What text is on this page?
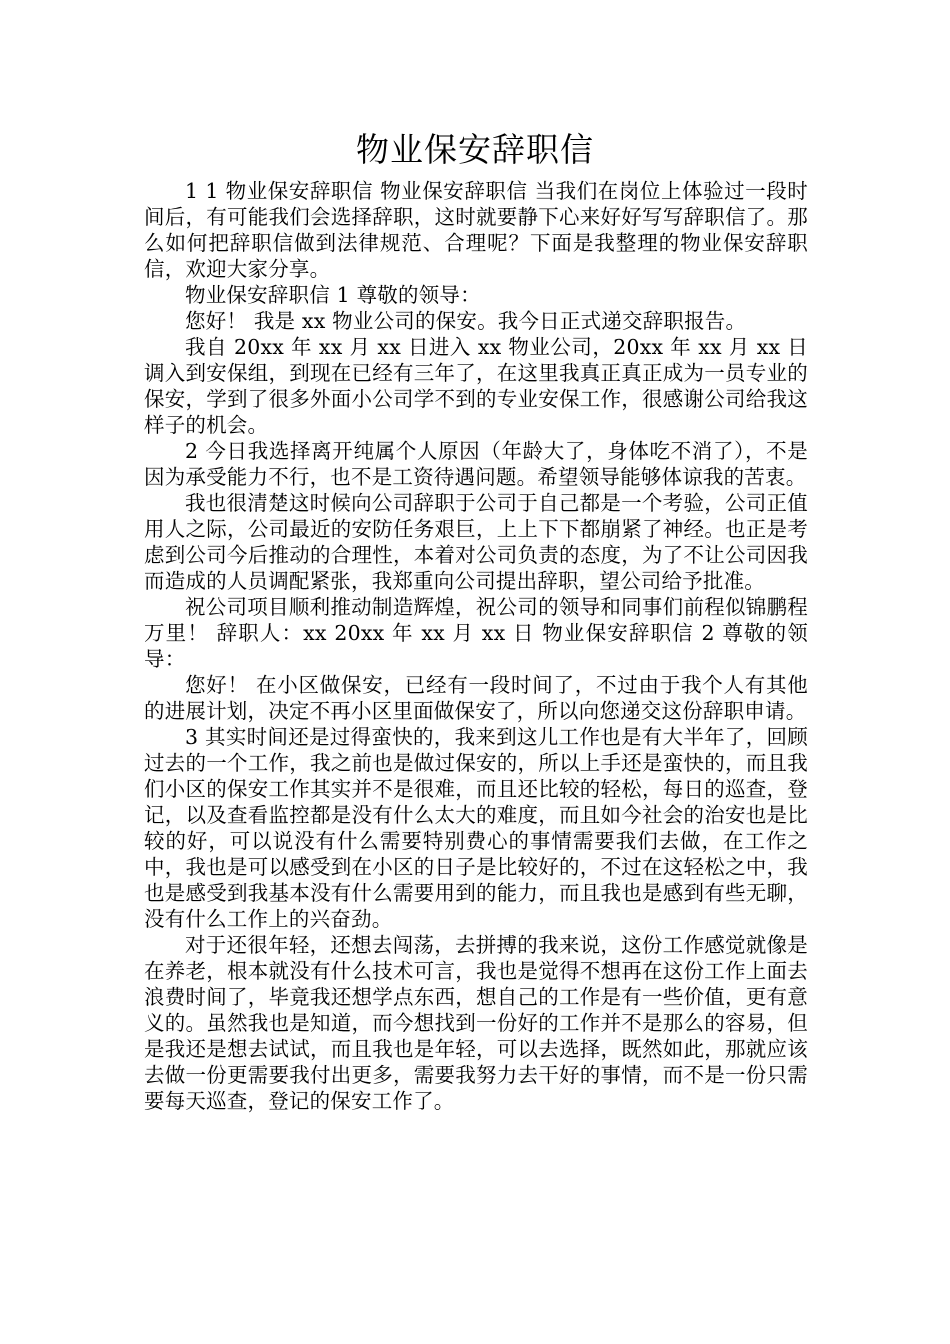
物业保安辞职信

1 1 物业保安辞职信 物业保安辞职信 当我们在岗位上体验过一段时间后，有可能我们会选择辞职，这时就要静下心来好好写写辞职信了。那么如何把辞职信做到法律规范、合理呢？下面是我整理的物业保安辞职信，欢迎大家分享。

物业保安辞职信 1 尊敬的领导：

您好！ 我是 xx 物业公司的保安。我今日正式递交辞职报告。

我自 20xx 年 xx 月 xx 日进入 xx 物业公司，20xx 年 xx 月 xx 日调入到安保组，到现在已经有三年了，在这里我真正真正成为一员专业的保安，学到了很多外面小公司学不到的专业安保工作，很感谢公司给我这样子的机会。

2 今日我选择离开纯属个人原因（年龄大了，身体吃不消了），不是因为承受能力不行，也不是工资待遇问题。希望领导能够体谅我的苦衷。

我也很清楚这时候向公司辞职于公司于自己都是一个考验，公司正值用人之际，公司最近的安防任务艰巨，上上下下都崩紧了神经。也正是考虑到公司今后推动的合理性，本着对公司负责的态度，为了不让公司因我而造成的人员调配紧张，我郑重向公司提出辞职，望公司给予批准。

祝公司项目顺利推动制造辉煌，祝公司的领导和同事们前程似锦鹏程万里！ 辞职人：xx 20xx 年 xx 月 xx 日 物业保安辞职信 2 尊敬的领导：

您好！ 在小区做保安，已经有一段时间了，不过由于我个人有其他的进展计划，决定不再小区里面做保安了，所以向您递交这份辞职申请。

3 其实时间还是过得蛮快的，我来到这儿工作也是有大半年了，回顾过去的一个工作，我之前也是做过保安的，所以上手还是蛮快的，而且我们小区的保安工作其实并不是很难，而且还比较的轻松，每日的巡查，登记，以及查看监控都是没有什么太大的难度，而且如今社会的治安也是比较的好，可以说没有什么需要特别费心的事情需要我们去做，在工作之中，我也是可以感受到在小区的日子是比较好的，不过在这轻松之中，我也是感受到我基本没有什么需要用到的能力，而且我也是感到有些无聊，没有什么工作上的兴奋劲。

对于还很年轻，还想去闯荡，去拼搏的我来说，这份工作感觉就像是在养老，根本就没有什么技术可言，我也是觉得不想再在这份工作上面去浪费时间了，毕竟我还想学点东西，想自己的工作是有一些价值，更有意义的。虽然我也是知道，而今想找到一份好的工作并不是那么的容易，但是我还是想去试试，而且我也是年轻，可以去选择，既然如此，那就应该去做一份更需要我付出更多，需要我努力去干好的事情，而不是一份只需要每天巡查，登记的保安工作了。
